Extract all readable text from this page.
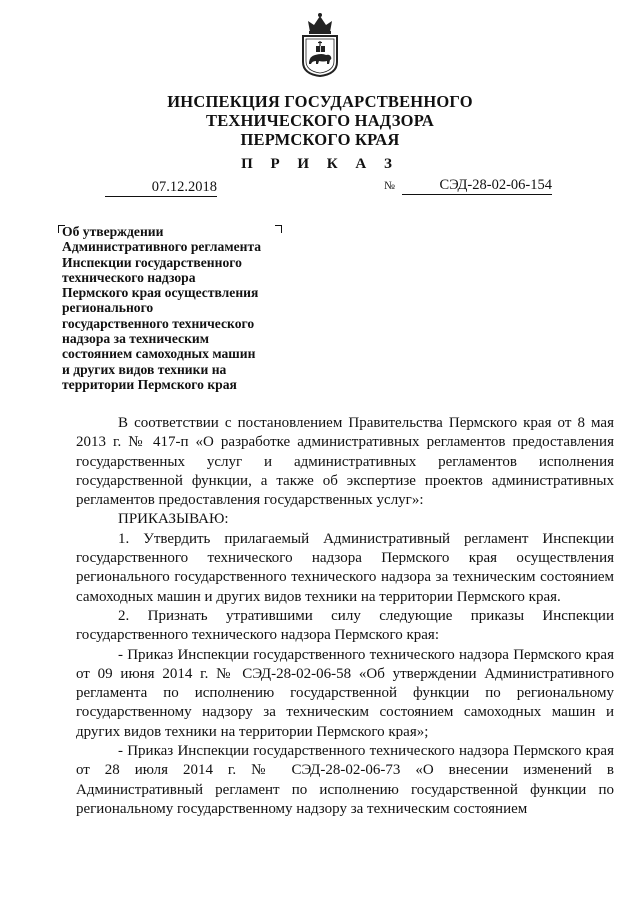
ИНСПЕКЦИЯ ГОСУДАРСТВЕННОГО
ТЕХНИЧЕСКОГО НАДЗОРА
ПЕРМСКОГО КРАЯ
П Р И К А З
07.12.2018	№	СЭД-28-02-06-154
Об утверждении
Административного регламента
Инспекции государственного
технического надзора
Пермского края осуществления
регионального
государственного технического
надзора за техническим
состоянием самоходных машин
и других видов техники на
территории Пермского края

В соответствии с постановлением Правительства Пермского края от 8 мая 2013 г. № 417-п «О разработке административных регламентов предоставления государственных услуг и административных регламентов исполнения государственной функции, а также об экспертизе проектов административных регламентов предоставления государственных услуг»:

ПРИКАЗЫВАЮ:

1. Утвердить прилагаемый Административный регламент Инспекции государственного технического надзора Пермского края осуществления регионального государственного технического надзора за техническим состоянием самоходных машин и других видов техники на территории Пермского края.

2. Признать утратившими силу следующие приказы Инспекции государственного технического надзора Пермского края:

- Приказ Инспекции государственного технического надзора Пермского края от 09 июня 2014 г. № СЭД-28-02-06-58 «Об утверждении Административного регламента по исполнению государственной функции по региональному государственному надзору за техническим состоянием самоходных машин и других видов техники на территории Пермского края»;

- Приказ Инспекции государственного технического надзора Пермского края от 28 июля 2014 г. № СЭД-28-02-06-73 «О внесении изменений в Административный регламент по исполнению государственной функции по региональному государственному надзору за техническим состоянием
